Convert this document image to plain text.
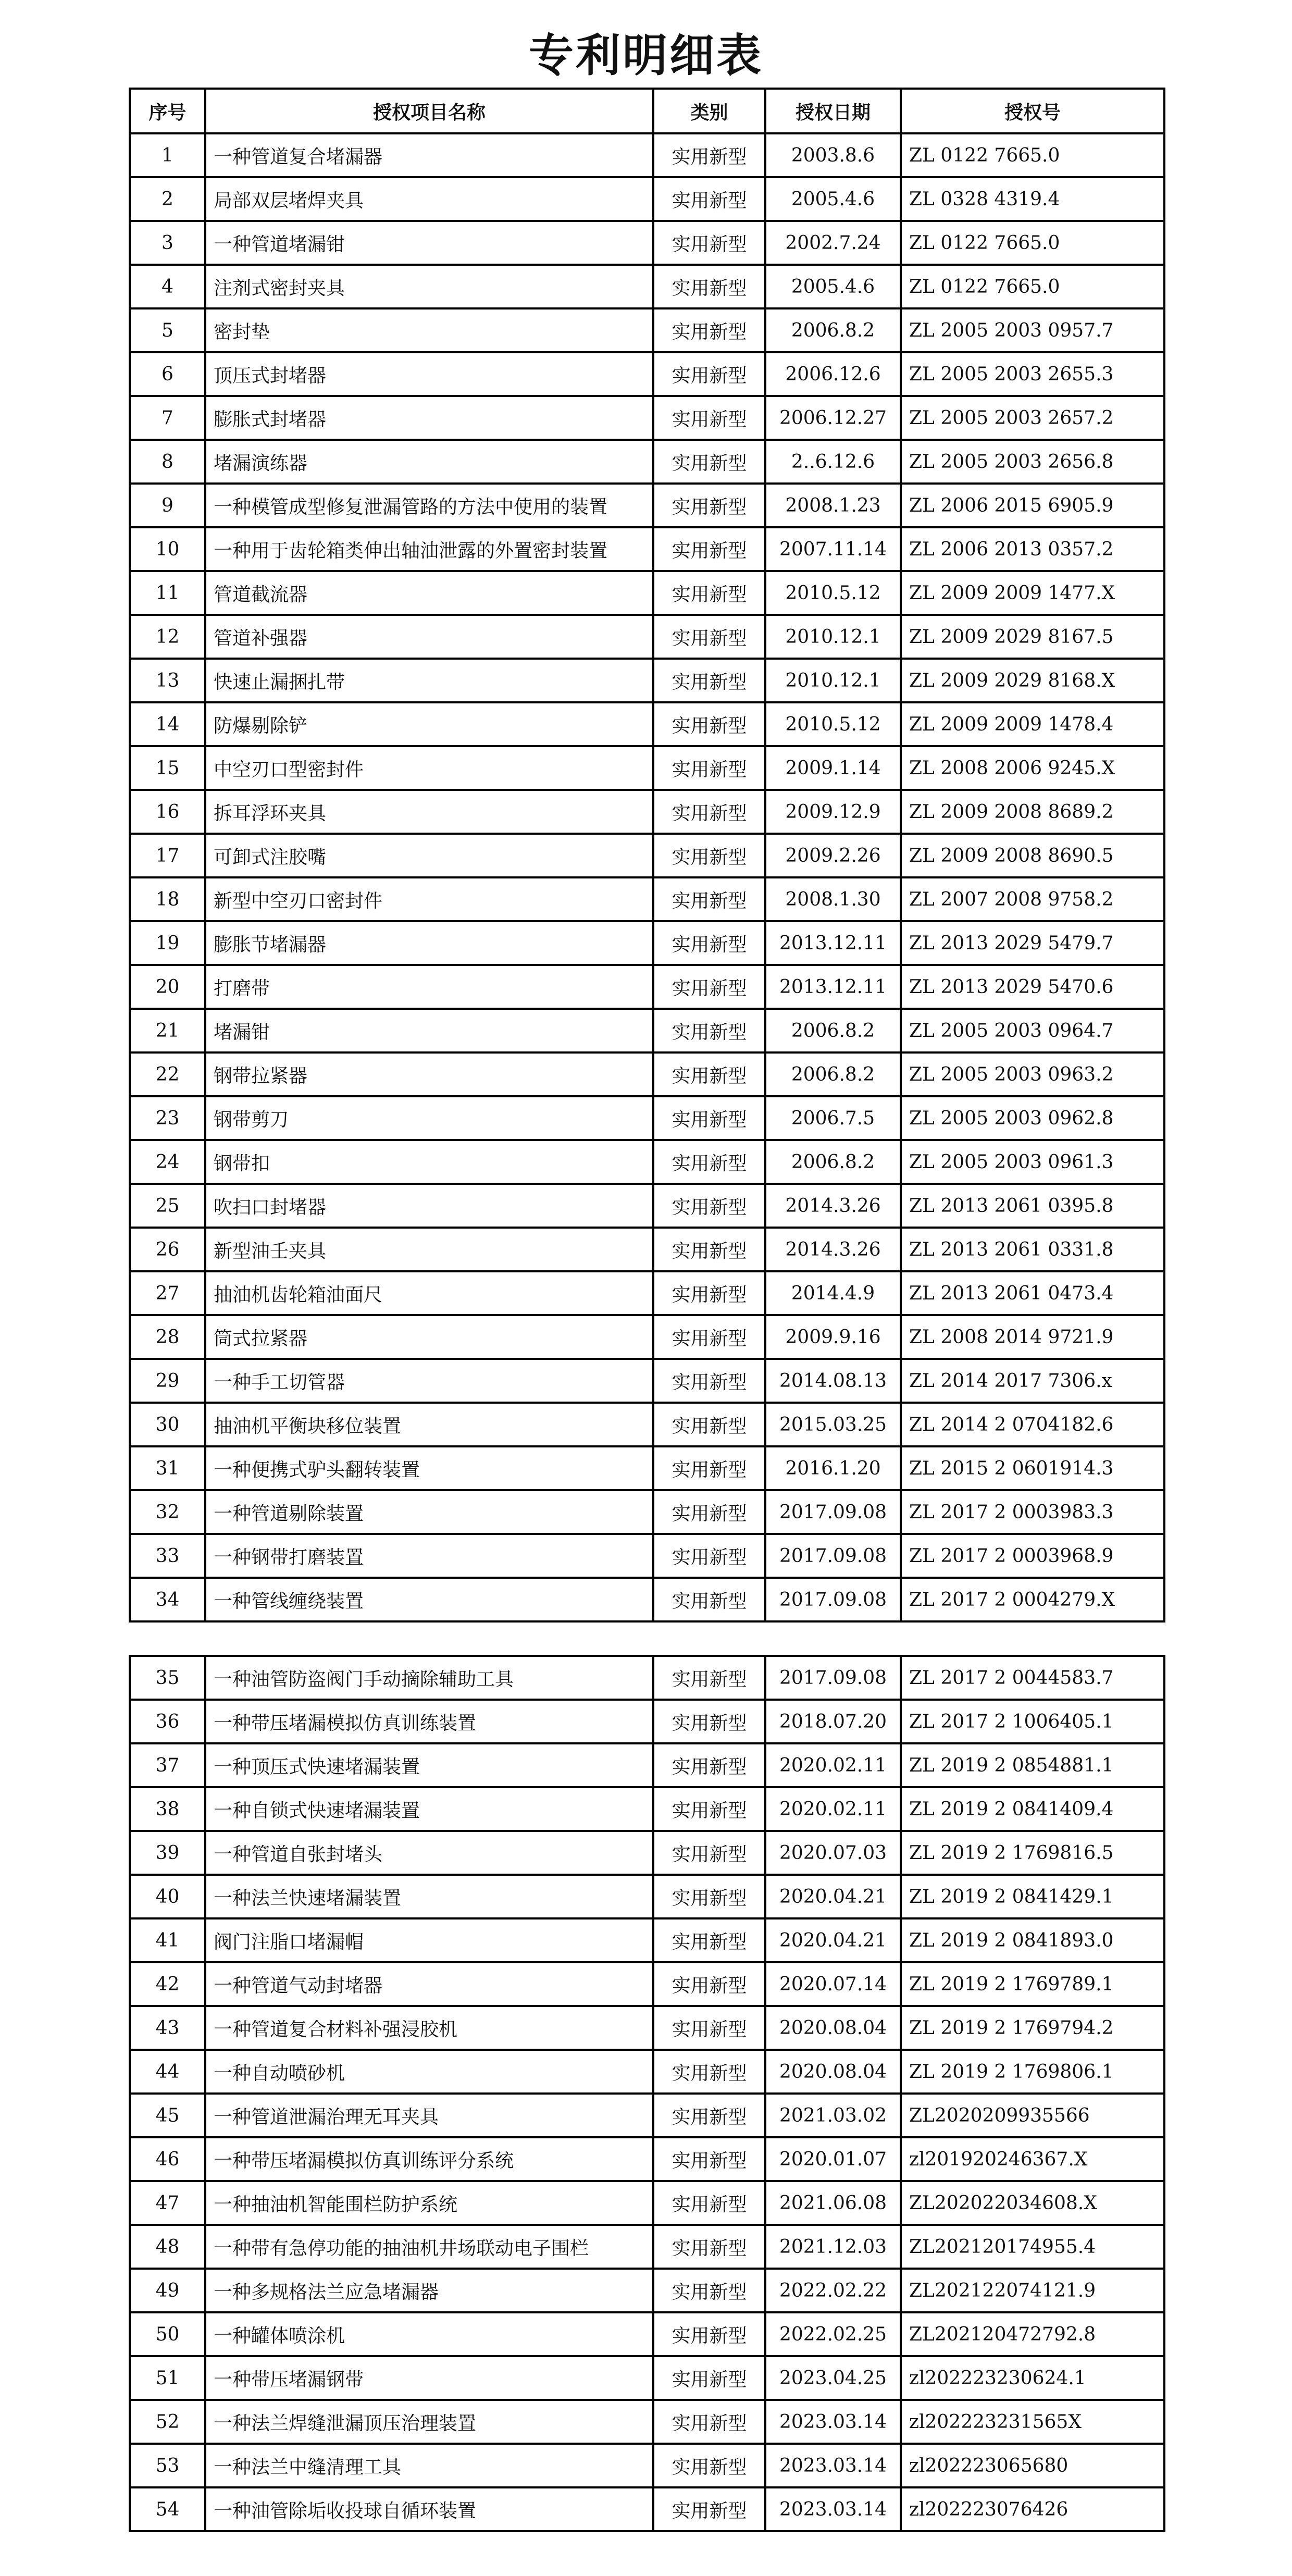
专利明细表
序号	授权项目名称	类别	授权日期	授权号
1	一种管道复合堵漏器	实用新型	2003.8.6	ZL 0122 7665.0
2	局部双层堵焊夹具	实用新型	2005.4.6	ZL 0328 4319.4
3	一种管道堵漏钳	实用新型	2002.7.24	ZL 0122 7665.0
4	注剂式密封夹具	实用新型	2005.4.6	ZL 0122 7665.0
5	密封垫	实用新型	2006.8.2	ZL 2005 2003 0957.7
6	顶压式封堵器	实用新型	2006.12.6	ZL 2005 2003 2655.3
7	膨胀式封堵器	实用新型	2006.12.27	ZL 2005 2003 2657.2
8	堵漏演练器	实用新型	2..6.12.6	ZL 2005 2003 2656.8
9	一种模管成型修复泄漏管路的方法中使用的装置	实用新型	2008.1.23	ZL 2006 2015 6905.9
10	一种用于齿轮箱类伸出轴油泄露的外置密封装置	实用新型	2007.11.14	ZL 2006 2013 0357.2
11	管道截流器	实用新型	2010.5.12	ZL 2009 2009 1477.X
12	管道补强器	实用新型	2010.12.1	ZL 2009 2029 8167.5
13	快速止漏捆扎带	实用新型	2010.12.1	ZL 2009 2029 8168.X
14	防爆剔除铲	实用新型	2010.5.12	ZL 2009 2009 1478.4
15	中空刃口型密封件	实用新型	2009.1.14	ZL 2008 2006 9245.X
16	拆耳浮环夹具	实用新型	2009.12.9	ZL 2009 2008 8689.2
17	可卸式注胶嘴	实用新型	2009.2.26	ZL 2009 2008 8690.5
18	新型中空刃口密封件	实用新型	2008.1.30	ZL 2007 2008 9758.2
19	膨胀节堵漏器	实用新型	2013.12.11	ZL 2013 2029 5479.7
20	打磨带	实用新型	2013.12.11	ZL 2013 2029 5470.6
21	堵漏钳	实用新型	2006.8.2	ZL 2005 2003 0964.7
22	钢带拉紧器	实用新型	2006.8.2	ZL 2005 2003 0963.2
23	钢带剪刀	实用新型	2006.7.5	ZL 2005 2003 0962.8
24	钢带扣	实用新型	2006.8.2	ZL 2005 2003 0961.3
25	吹扫口封堵器	实用新型	2014.3.26	ZL 2013 2061 0395.8
26	新型油壬夹具	实用新型	2014.3.26	ZL 2013 2061 0331.8
27	抽油机齿轮箱油面尺	实用新型	2014.4.9	ZL 2013 2061 0473.4
28	筒式拉紧器	实用新型	2009.9.16	ZL 2008 2014 9721.9
29	一种手工切管器	实用新型	2014.08.13	ZL 2014 2017 7306.x
30	抽油机平衡块移位装置	实用新型	2015.03.25	ZL 2014 2 0704182.6
31	一种便携式驴头翻转装置	实用新型	2016.1.20	ZL 2015 2 0601914.3
32	一种管道剔除装置	实用新型	2017.09.08	ZL 2017 2 0003983.3
33	一种钢带打磨装置	实用新型	2017.09.08	ZL 2017 2 0003968.9
34	一种管线缠绕装置	实用新型	2017.09.08	ZL 2017 2 0004279.X
35	一种油管防盗阀门手动摘除辅助工具	实用新型	2017.09.08	ZL 2017 2 0044583.7
36	一种带压堵漏模拟仿真训练装置	实用新型	2018.07.20	ZL 2017 2 1006405.1
37	一种顶压式快速堵漏装置	实用新型	2020.02.11	ZL 2019 2 0854881.1
38	一种自锁式快速堵漏装置	实用新型	2020.02.11	ZL 2019 2 0841409.4
39	一种管道自张封堵头	实用新型	2020.07.03	ZL 2019 2 1769816.5
40	一种法兰快速堵漏装置	实用新型	2020.04.21	ZL 2019 2 0841429.1
41	阀门注脂口堵漏帽	实用新型	2020.04.21	ZL 2019 2 0841893.0
42	一种管道气动封堵器	实用新型	2020.07.14	ZL 2019 2 1769789.1
43	一种管道复合材料补强浸胶机	实用新型	2020.08.04	ZL 2019 2 1769794.2
44	一种自动喷砂机	实用新型	2020.08.04	ZL 2019 2 1769806.1
45	一种管道泄漏治理无耳夹具	实用新型	2021.03.02	ZL2020209935566
46	一种带压堵漏模拟仿真训练评分系统	实用新型	2020.01.07	zl201920246367.X
47	一种抽油机智能围栏防护系统	实用新型	2021.06.08	ZL202022034608.X
48	一种带有急停功能的抽油机井场联动电子围栏	实用新型	2021.12.03	ZL202120174955.4
49	一种多规格法兰应急堵漏器	实用新型	2022.02.22	ZL202122074121.9
50	一种罐体喷涂机	实用新型	2022.02.25	ZL202120472792.8
51	一种带压堵漏钢带	实用新型	2023.04.25	zl202223230624.1
52	一种法兰焊缝泄漏顶压治理装置	实用新型	2023.03.14	zl202223231565X
53	一种法兰中缝清理工具	实用新型	2023.03.14	zl202223065680
54	一种油管除垢收投球自循环装置	实用新型	2023.03.14	zl202223076426
